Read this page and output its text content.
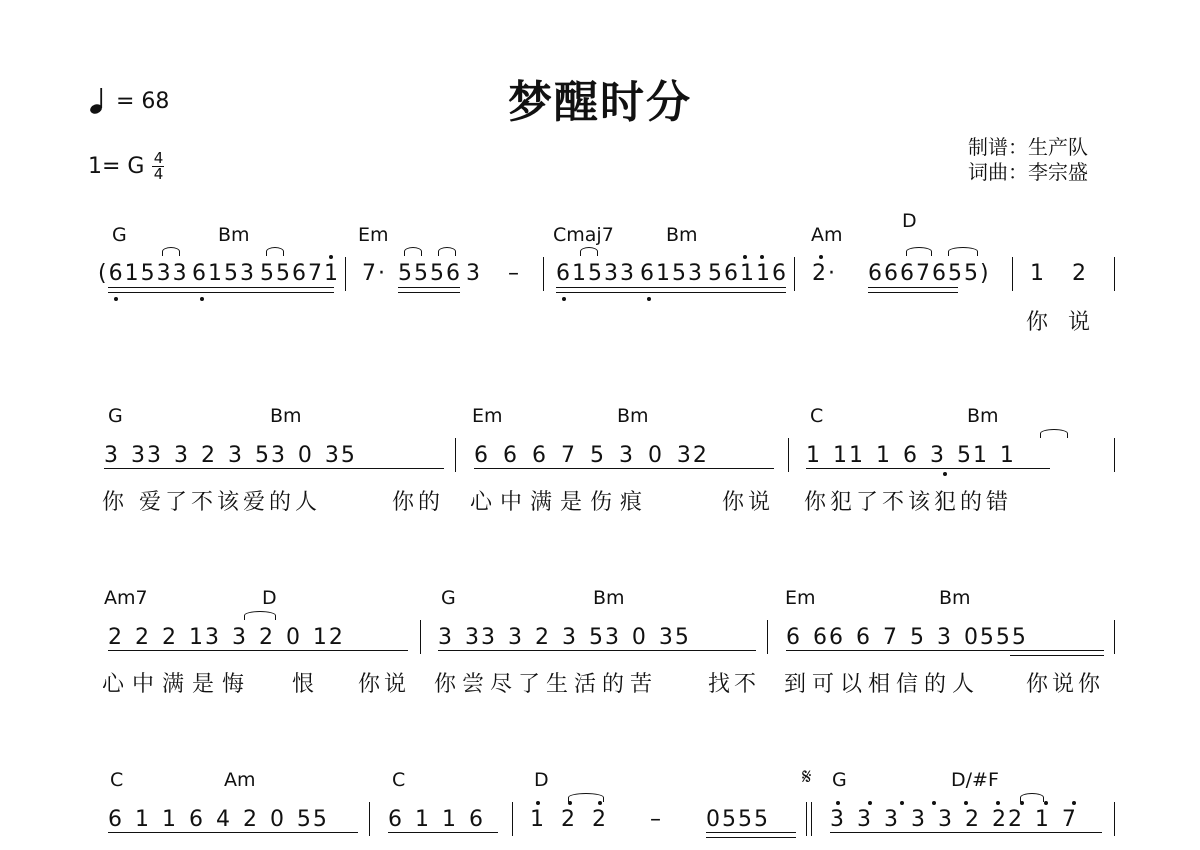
梦醒时分
= 68
1= G 4
4
制谱：生产队
词曲：李宗盛
G	Bm	Em	Cmaj7	Bm	Am
D
(61533 6153 55671 7· 5556 3 – 61533 6153 56116 2· 666765 5) 1 2
你 说
G	Bm	Em	Bm	C	Bm
3 33 3 2 3 53 0 35	6 6 6 7 5 3 0 32	1 11 1 6 3 51 1
你 爱了不该爱的人	你的 心中满是伤痕	你说 你犯了不该犯的错
Am7	D	G	Bm	Em	Bm
2 2 2 13 3 2 0 12	3 33 3 2 3 53 0 35	6 66 6 7 5 3 0555
心中满是悔 恨 你说 你尝尽了生活的苦 找不 到可以相信的人 你说你
C	Am	C	D	𝄋 G	D/#F
6 1 1 6 4 2 0 55	6 1 1 6 1 2 2 – 0555	3 3 3 3 3 2 22 1 7
